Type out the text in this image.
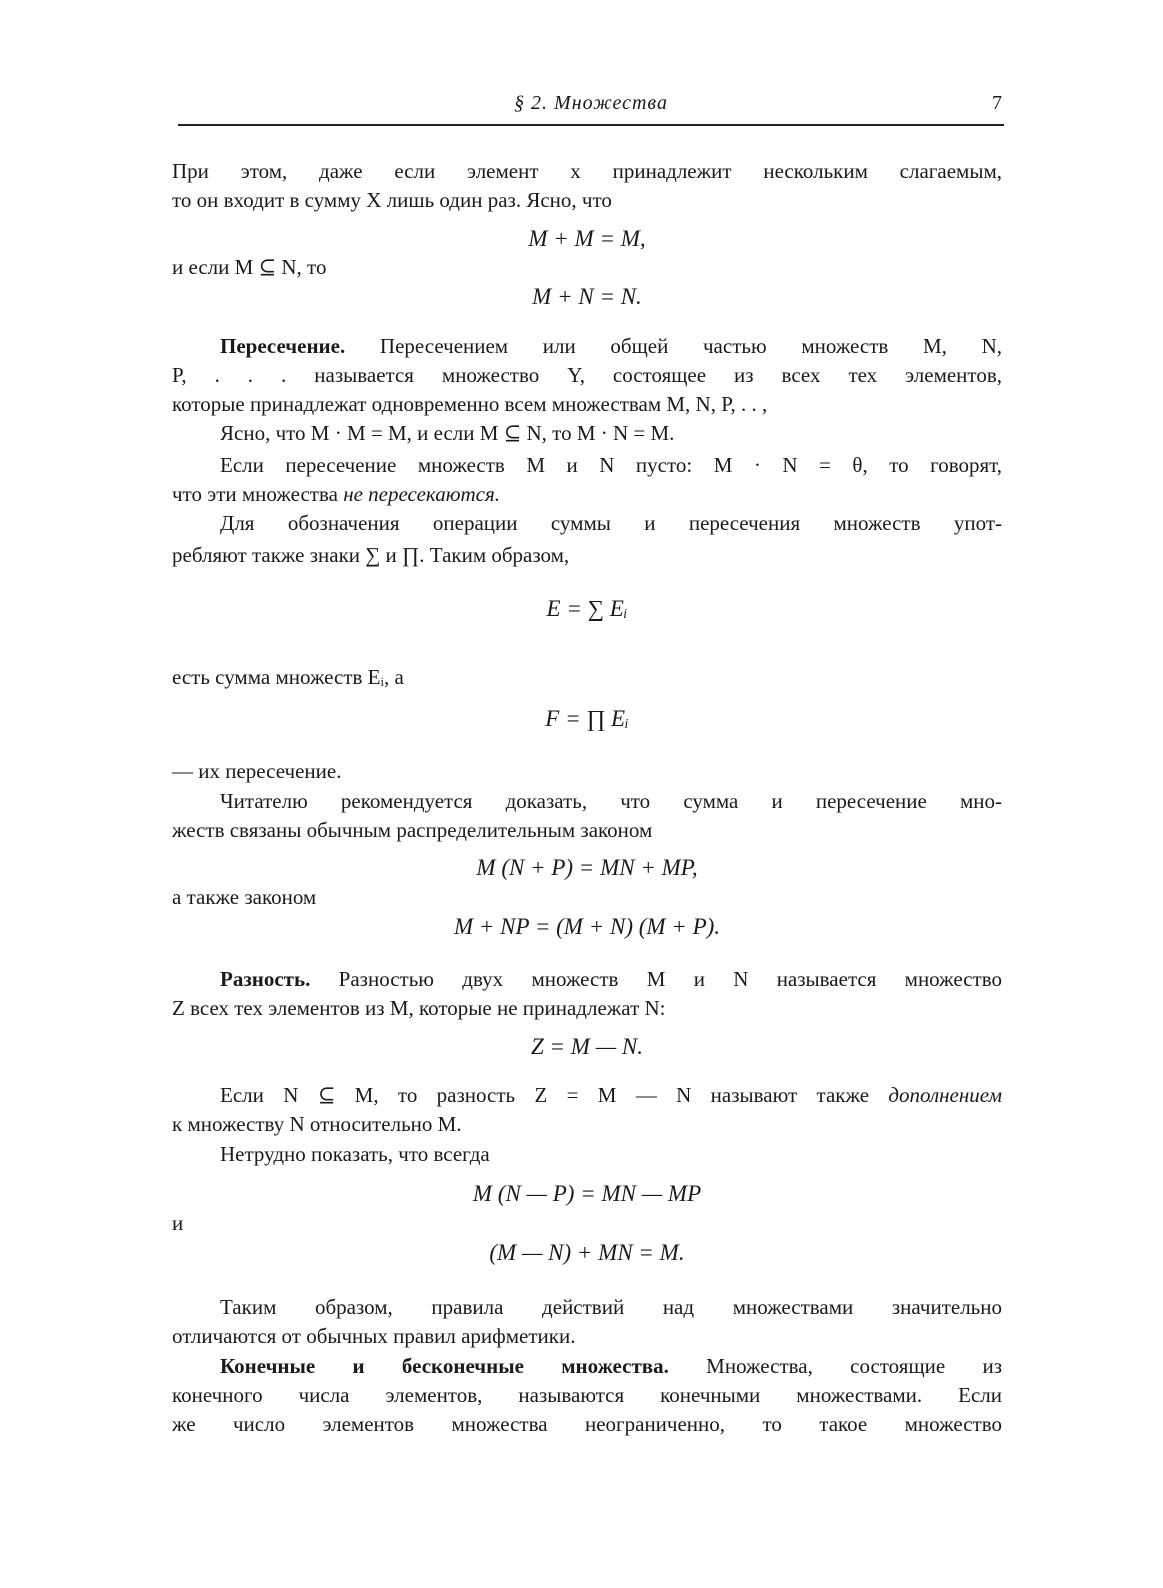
§ 2. Множества	7
При этом, даже если элемент x принадлежит нескольким слагаемым,
то он входит в сумму X лишь один раз. Ясно, что
M + M = M,
и если M ⊆ N, то
M + N = N.
Пересечение. Пересечением или общей частью множеств M, N,
P, . . . называется множество Y, состоящее из всех тех элементов,
которые принадлежат одновременно всем множествам M, N, P, . . ,
Ясно, что M · M = M, и если M ⊆ N, то M · N = M.
Если пересечение множеств M и N пусто: M · N = θ, то говорят,
что эти множества не пересекаются.
Для обозначения операции суммы и пересечения множеств упот-
ребляют также знаки ∑ и ∏. Таким образом,
E = ∑ Eᵢ
есть сумма множеств Eᵢ, а
F = ∏ Eᵢ
— их пересечение.
Читателю рекомендуется доказать, что сумма и пересечение мно-
жеств связаны обычным распределительным законом
M (N + P) = MN + MP,
а также законом
M + NP = (M + N) (M + P).
Разность. Разностью двух множеств M и N называется множество
Z всех тех элементов из M, которые не принадлежат N:
Z = M — N.
Если N ⊆ M, то разность Z = M — N называют также дополнением
к множеству N относительно M.
Нетрудно показать, что всегда
M (N — P) = MN — MP
и
(M — N) + MN = M.
Таким образом, правила действий над множествами значительно
отличаются от обычных правил арифметики.
Конечные и бесконечные множества. Множества, состоящие из
конечного числа элементов, называются конечными множествами. Если
же число элементов множества неограниченно, то такое множество
